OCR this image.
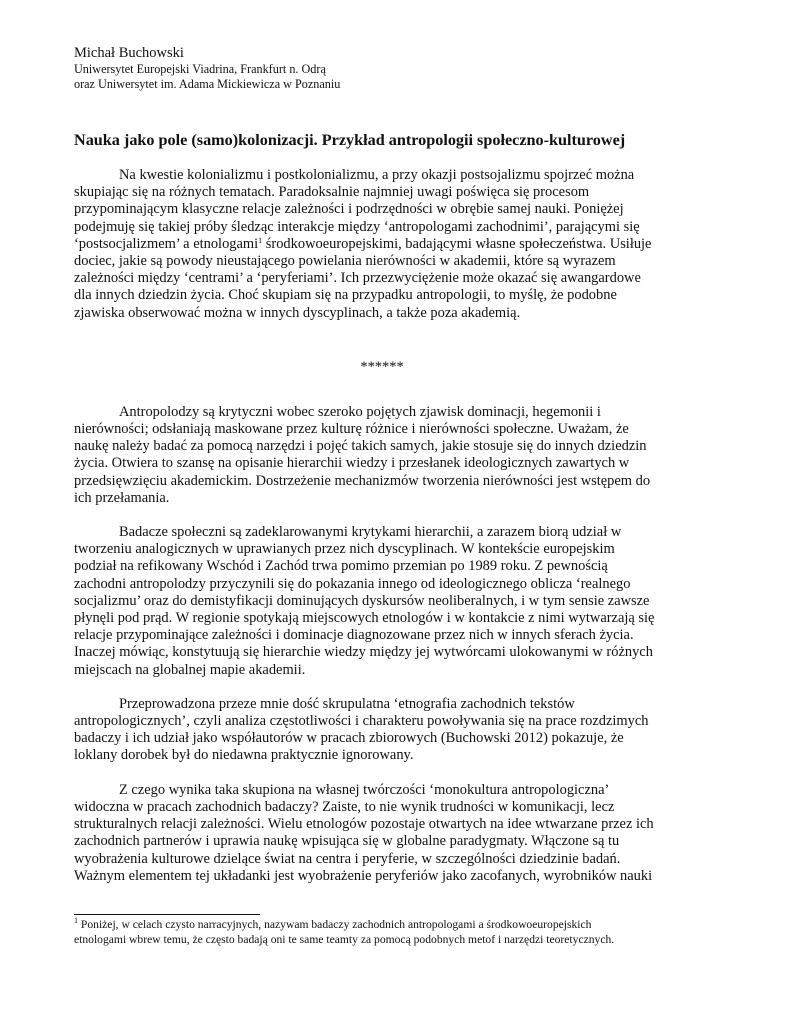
Michał Buchowski

Uniwersytet Europejski Viadrina, Frankfurt n. Odrą

oraz Uniwersytet im. Adama Mickiewicza w Poznaniu

Nauka jako pole (samo)kolonizacji. Przykład antropologii społeczno-kulturowej
Na kwestie kolonializmu i postkolonializmu, a przy okazji postsojalizmu spojrzeć można
skupiając się na różnych tematach. Paradoksalnie najmniej uwagi poświęca się procesom
przypominającym klasyczne relacje zależności i podrzędności w obrębie samej nauki. Poniężej
podejmuję się takiej próby śledząc interakcje między ‘antropologami zachodnimi’, parającymi się
‘postsocjalizmem’ a etnologami$^1$ środkowoeuropejskimi, badającymi własne społeczeństwa. Usiłuje
dociec, jakie są powody nieustającego powielania nierówności w akademii, które są wyrazem
zależności między ‘centrami’ a ‘peryferiami’. Ich przezwyciężenie może okazać się awangardowe
dla innych dziedzin życia. Choć skupiam się na przypadku antropologii, to myślę, że podobne
zjawiska obserwować można w innych dyscyplinach, a także poza akademią.

******

Antropolodzy są krytyczni wobec szeroko pojętych zjawisk dominacji, hegemonii i
nierówności; odsłaniają maskowane przez kulturę różnice i nierówności społeczne. Uważam, że
naukę należy badać za pomocą narzędzi i pojęć takich samych, jakie stosuje się do innych dziedzin
życia. Otwiera to szansę na opisanie hierarchii wiedzy i przesłanek ideologicznych zawartych w
przedsięwzięciu akademickim. Dostrzeżenie mechanizmów tworzenia nierówności jest wstępem do
ich przełamania.
Badacze społeczni są zadeklarowanymi krytykami hierarchii, a zarazem biorą udział w
tworzeniu analogicznych w uprawianych przez nich dyscyplinach. W kontekście europejskim
podział na refikowany Wschód i Zachód trwa pomimo przemian po 1989 roku. Z pewnością
zachodni antropolodzy przyczynili się do pokazania innego od ideologicznego oblicza ‘realnego
socjalizmu’ oraz do demistyfikacji dominujących dyskursów neoliberalnych, i w tym sensie zawsze
płynęli pod prąd. W regionie spotykają miejscowych etnologów i w kontakcie z nimi wytwarzają się
relacje przypominające zależności i dominacje diagnozowane przez nich w innych sferach życia.
Inaczej mówiąc, konstytuują się hierarchie wiedzy między jej wytwórcami ulokowanymi w różnych
miejscach na globalnej mapie akademii.
Przeprowadzona przeze mnie dość skrupulatna ‘etnografia zachodnich tekstów
antropologicznych’, czyli analiza częstotliwości i charakteru powoływania się na prace rozdzimych
badaczy i ich udział jako współautorów w pracach zbiorowych (Buchowski 2012) pokazuje, że
loklany dorobek był do niedawna praktycznie ignorowany.
Z czego wynika taka skupiona na własnej twórczości ‘monokultura antropologiczna’
widoczna w pracach zachodnich badaczy? Zaiste, to nie wynik trudności w komunikacji, lecz
strukturalnych relacji zależności. Wielu etnologów pozostaje otwartych na idee wtwarzane przez ich
zachodnich partnerów i uprawia naukę wpisująca się w globalne paradygmaty. Włączone są tu
wyobrażenia kulturowe dzielące świat na centra i peryferie, w szczególności dziedzinie badań.
Ważnym elementem tej układanki jest wyobrażenie peryferiów jako zacofanych, wyrobników nauki
$^1$ Poniżej, w celach czysto narracyjnych, nazywam badaczy zachodnich antropologami a środkowoeuropejskich
etnologami wbrew temu, że często badają oni te same teamty za pomocą podobnych metof i narzędzi teoretycznych.
